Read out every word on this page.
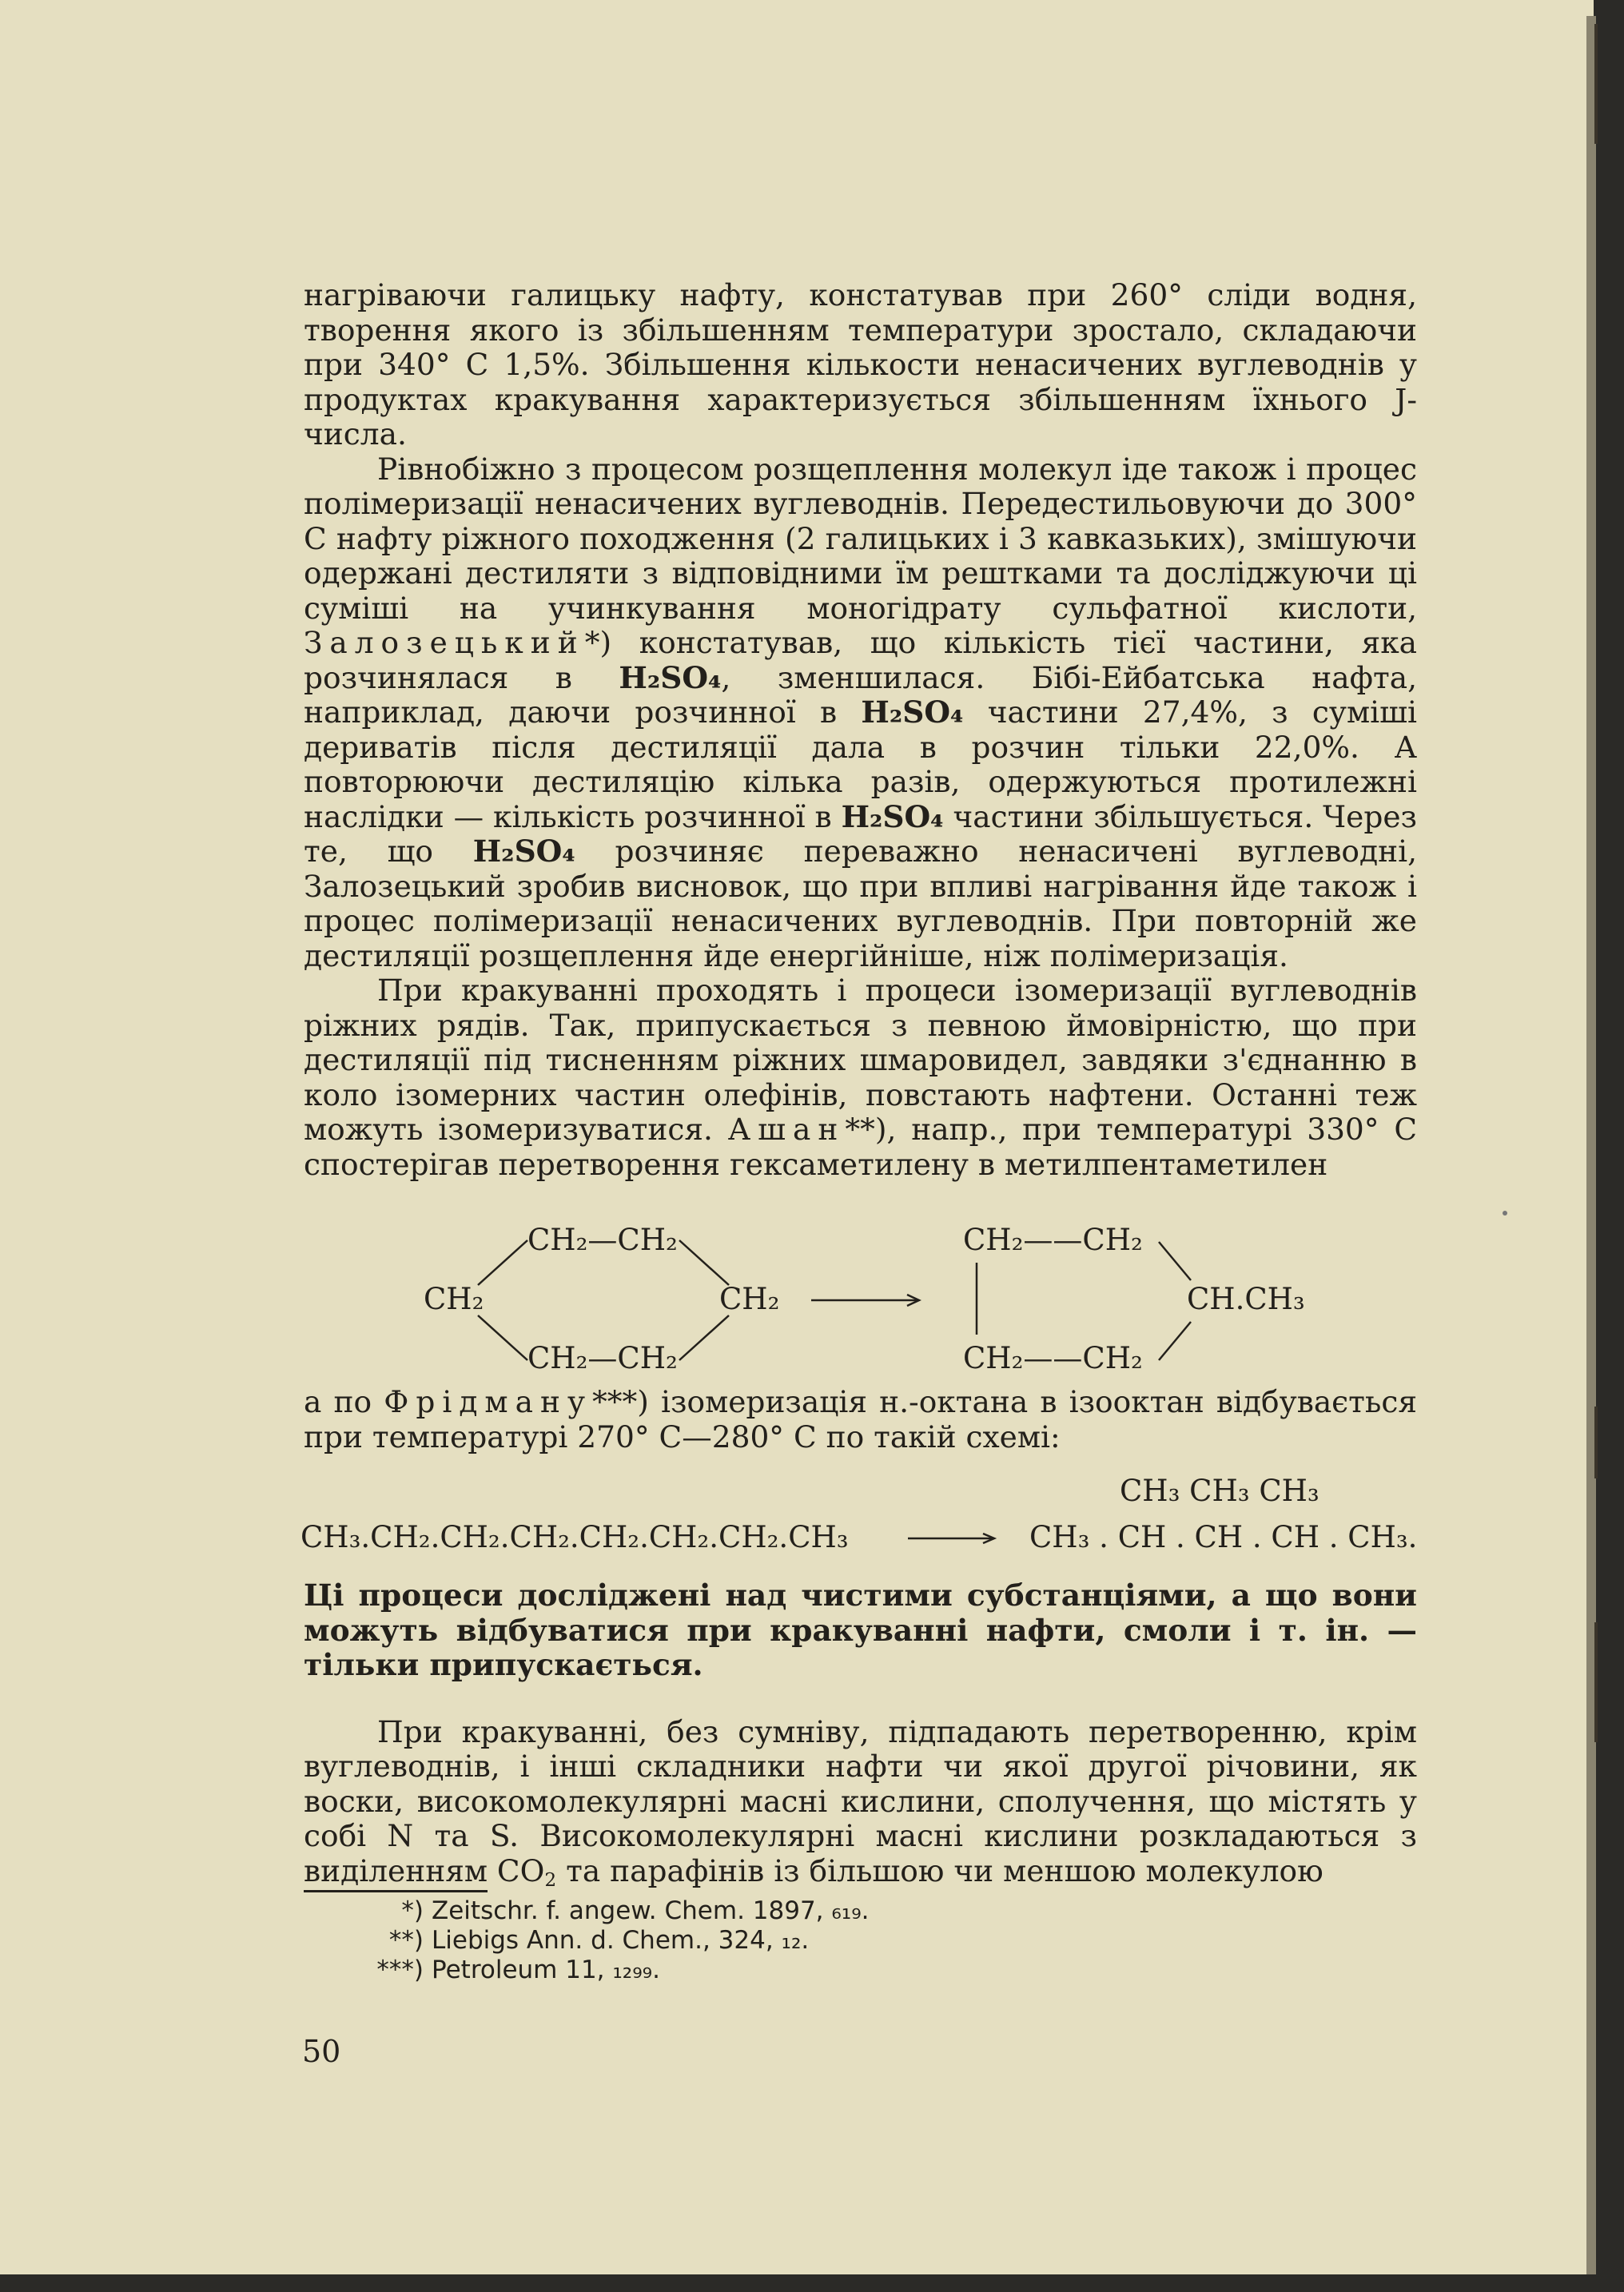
нагріваючи галицьку нафту, констатував при 260° сліди водня, творення якого із збільшенням температури зростало, складаючи при 340° С 1,5%. Збільшення кількости ненасичених вуглеводнів у продуктах кракування характеризується збільшенням їхнього J-числа.

Рівнобіжно з процесом розщеплення молекул іде також і процес полімеризації ненасичених вуглеводнів. Передестильовуючи до 300° С нафту ріжного походження (2 галицьких і 3 кавказьких), змішуючи одержані дестиляти з відповідними їм рештками та досліджуючи ці суміші на учинкування моногідрату сульфатної кислоти, Залозецький*) констатував, що кількість тієї частини, яка розчинялася в H₂SO₄, зменшилася. Бібі-Ейбатська нафта, наприклад, даючи розчинної в H₂SO₄ частини 27,4%, з суміші дериватів після дестиляції дала в розчин тільки 22,0%. А повторюючи дестиляцію кілька разів, одержуються протилежні наслідки — кількість розчинної в H₂SO₄ частини збільшується. Через те, що H₂SO₄ розчиняє переважно ненасичені вуглеводні, Залозецький зробив висновок, що при впливі нагрівання йде також і процес полімеризації ненасичених вуглеводнів. При повторній же дестиляції розщеплення йде енергійніше, ніж полімеризація.

При кракуванні проходять і процеси ізомеризації вуглеводнів ріжних рядів. Так, припускається з певною ймовірністю, що при дестиляції під тисненням ріжних шмаровидел, завдяки з'єднанню в коло ізомерних частин олефінів, повстають нафтени. Останні теж можуть ізомеризуватися. Ашан**), напр., при температурі 330° С спостерігав перетворення гексаметилену в метилпентаметилен

CH₂—CH₂
CH₂	CH₂
CH₂—CH₂
CH₂——CH₂
CH.CH₃
CH₂——CH₂

а по Фрідману***) ізомеризація н.-октана в ізооктан відбувається при температурі 270° С—280° С по такій схемі:

CH₃ CH₃ CH₃
CH₃.CH₂.CH₂.CH₂.CH₂.CH₂.CH₂.CH₃	CH₃ . CH . CH . CH . CH₃.

Ці процеси досліджені над чистими субстанціями, а що вони можуть відбуватися при кракуванні нафти, смоли і т. ін. — тільки припускається.

При кракуванні, без сумніву, підпадають перетворенню, крім вуглеводнів, і інші складники нафти чи якої другої річовини, як воски, високомолекулярні масні кислини, сполучення, що містять у собі N та S. Високомолекулярні масні кислини розкладаються з виділенням $CO_2$ та парафінів із більшою чи меншою молекулою

*) Zeitschr. f. angew. Chem. 1897, ₆₁₉.
**) Liebigs Ann. d. Chem., 324, ₁₂.
***) Petroleum 11, ₁₂₉₉.
50
